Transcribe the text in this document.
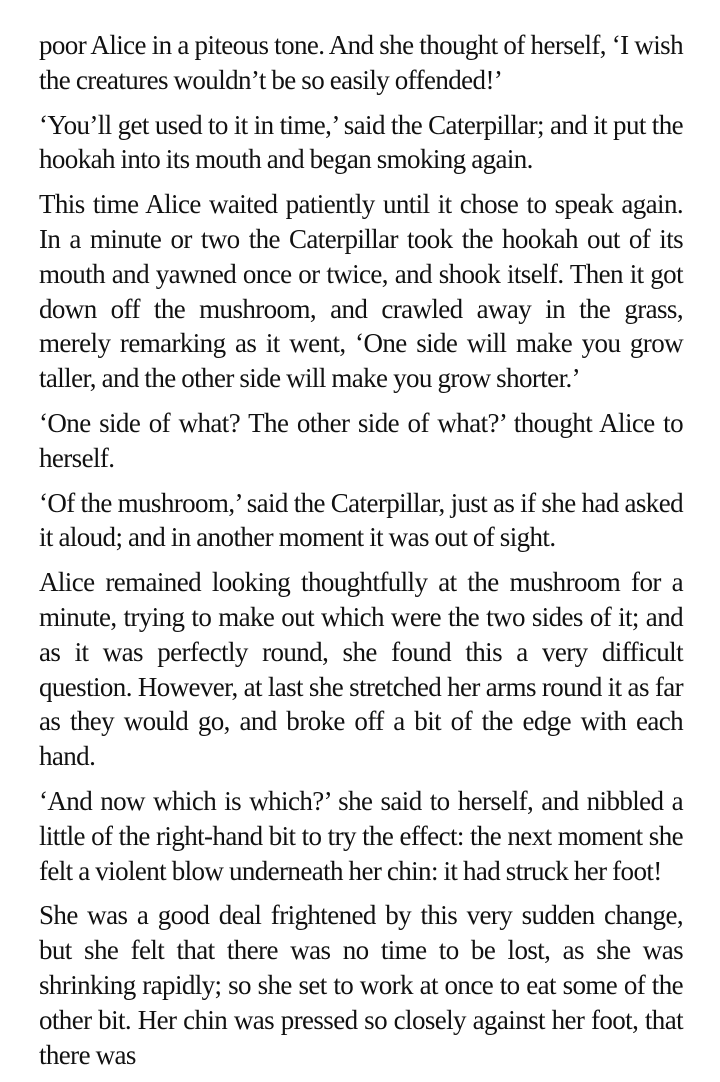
poor Alice in a piteous tone. And she thought of herself, ‘I wish the creatures wouldn’t be so easily offended!’

‘You’ll get used to it in time,’ said the Caterpillar; and it put the hookah into its mouth and began smoking again.

This time Alice waited patiently until it chose to speak again. In a minute or two the Caterpillar took the hookah out of its mouth and yawned once or twice, and shook itself. Then it got down off the mushroom, and crawled away in the grass, merely remarking as it went, ‘One side will make you grow taller, and the other side will make you grow shorter.’

‘One side of what? The other side of what?’ thought Alice to herself.

‘Of the mushroom,’ said the Caterpillar, just as if she had asked it aloud; and in another moment it was out of sight.

Alice remained looking thoughtfully at the mushroom for a minute, trying to make out which were the two sides of it; and as it was perfectly round, she found this a very difficult question. However, at last she stretched her arms round it as far as they would go, and broke off a bit of the edge with each hand.

‘And now which is which?’ she said to herself, and nibbled a little of the right-hand bit to try the effect: the next moment she felt a violent blow underneath her chin: it had struck her foot!

She was a good deal frightened by this very sudden change, but she felt that there was no time to be lost, as she was shrinking rapidly; so she set to work at once to eat some of the other bit. Her chin was pressed so closely against her foot, that there was
